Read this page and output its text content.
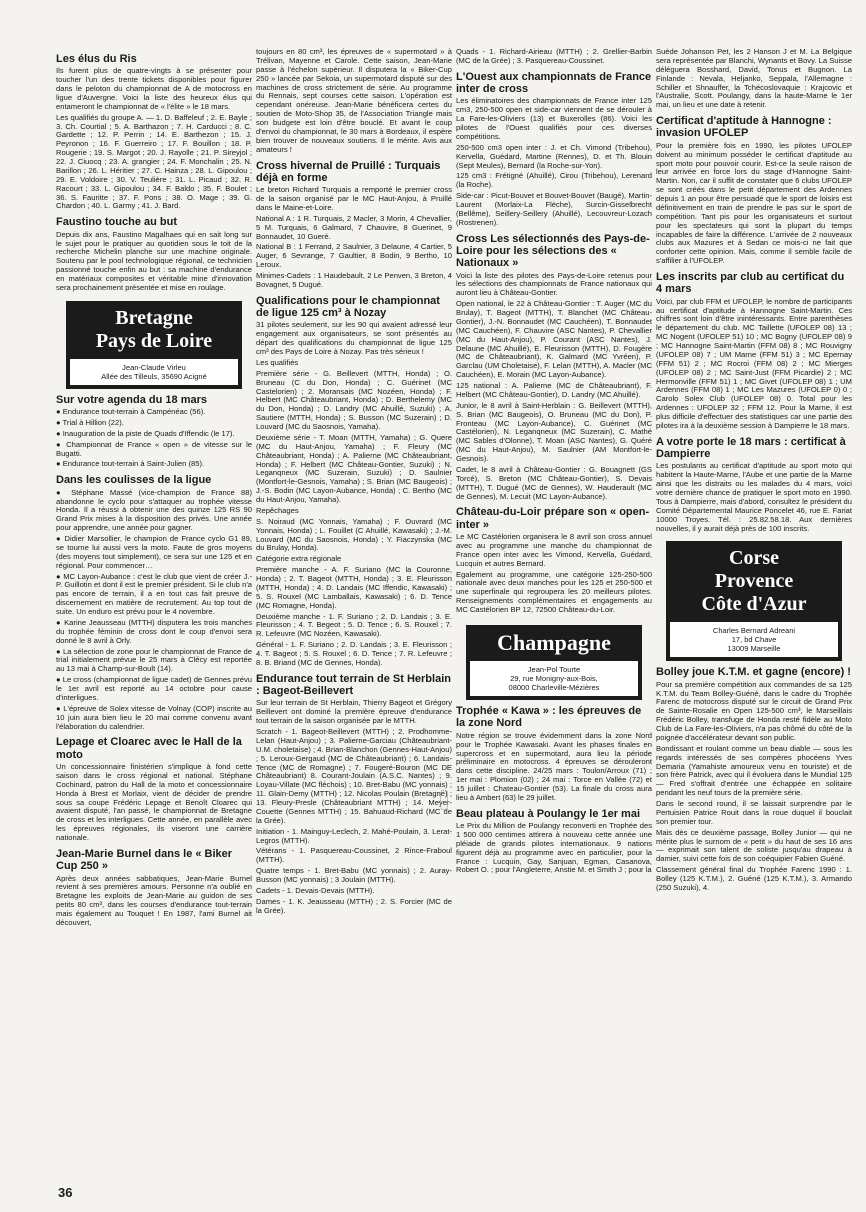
Les élus du Ris

Ils furent plus de quatre-vingts à se présenter pour toucher l'un des trente tickets disponibles pour figurer dans le peloton du championnat de A de motocross en ligue d'Auvergne. Voici la liste des heureux élus qui entameront le championnat de « l'élite » le 18 mars.

Les qualifiés du groupe A. — 1. D. Baffeleuf ; 2. E. Bayle ; 3. Ch. Courtial ; 5. A. Barthazon ; 7. H. Carducci ; 8. C. Gardette ; 12. P. Perrin ; 14. E. Barthezon ; 15. J. Peyronon ; 16. F. Guerreiro ; 17. F. Bouillon ; 18. P. Rougerie ; 19. S. Margot ; 20. J. Rayolle ; 21. P. Sireyjol ; 22. J. Ciuocq ; 23. A. grangier ; 24. F. Monchalin ; 25. N. Barillon ; 26. L. Héritier ; 27. C. Hainza ; 28. L. Gipoulou ; 29. E. Voldoire ; 30. V. Teulière ; 31. L. Picaud ; 32. R. Racourt ; 33. L. Gipoulou ; 34. F. Baldo ; 35. F. Boulet ; 36. S. Fauritte ; 37. F. Pons ; 38. O. Mage ; 39. G. Chardon ; 40. L. Garmy ; 41. J. Bard.

Faustino touche au but

Depuis dix ans, Faustino Magalhaes qui en sait long sur le sujet pour le pratiquer au quotidien sous le toit de la recherche Michelin planche sur une machine originale. Soutenu par le pool technologique régional, ce technicien passionné touche enfin au but : sa machine d'endurance en matériaux composites et véritable mine d'innovation sera prochainement présentée et mise en roulage.

Bretagne
Pays de Loire
Jean-Claude Virleu
Allée des Tilleuls, 35690 Acigné
Sur votre agenda du 18 mars

● Endurance tout-terrain à Campénéac (56).

● Trial à Hillion (22).

● Inauguration de la piste de Quads d'Iffendic (le 17).

● Championnat de France « open » de vitesse sur le Bugatti.

● Endurance tout-terrain à Saint-Julien (85).

Dans les coulisses de la ligue

● Stéphane Massé (vice-champion de France 88) abandonne le cyclo pour s'attaquer au trophée vitesse Honda. Il a réussi à obtenir une des quinze 125 RS 90 Grand Prix mises à la disposition des privés. Une année pour apprendre, une année pour gagner.

● Didier Marsollier, le champion de France cyclo G1 89, se tourne lui aussi vers la moto. Faute de gros moyens (des moyens tout simplement), ce sera sur une 125 et en régional. Pour commencer…

● MC Layon-Aubance : c'est le club que vient de créer J.-P. Guillotin et dont il est le premier président. Si le club n'a pas encore de terrain, il a en tout cas fait preuve de discernement en matière de recrutement. Au top tout de suite. Un enduro est prévu pour le 4 novembre.

● Karine Jeausseau (MTTH) disputera les trois manches du trophée féminin de cross dont le coup d'envoi sera donné le 8 avril à Orly.

● La sélection de zone pour le championnat de France de trial initialement prévue le 25 mars à Clécy est reportée au 13 mai à Champ-sur-Boult (14).

● Le cross (championnat de ligue cadet) de Gennes prévu le 1er avril est reporté au 14 octobre pour cause d'interligues.

● L'épreuve de Solex vitesse de Volnay (COP) inscrite au 10 juin aura bien lieu le 20 mai comme convenu avant l'élaboration du calendrier.

Lepage et Cloarec avec le Hall de la moto

Un concessionnaire finistérien s'implique à fond cette saison dans le cross régional et national. Stéphane Cochinard, patron du Hall de la moto et concessionnaire Honda à Brest et Morlaix, vient de décider de prendre sous sa coupe Frédéric Lepage et Benoît Cloarec qui avaient disputé, l'an passé, le championnat de Bretagne de cross et les interligues. Cette année, en parallèle avec les épreuves régionales, ils viseront une carrière nationale.

Jean-Marie Burnel dans le « Biker Cup 250 »

Après deux années sabbatiques, Jean-Marie Burnel revient à ses premières amours. Personne n'a oublié en Bretagne les exploits de Jean-Marie au guidon de ses petits 80 cm³, dans les courses d'endurance tout-terrain mais également au Touquet ! En 1987, l'ami Burnel ait découvert,

toujours en 80 cm³, les épreuves de « supermotard » à Trélivan, Mayenne et Carole. Cette saison, Jean-Marie passe à l'échelon supérieur. Il disputera la « Biker-Cup 250 » lancée par Sekoia, un supermotard disputé sur des machines de cross strictement de série. Au programme du Rennais, sept courses cette saison. L'opération est cependant onéreuse. Jean-Marie bénéficera certes du soutien de Moto-Shop 35, de l'Association Triangle mais son budgete est loin d'être bouclé. Et avant le coup d'envoi du championnat, le 30 mars à Bordeaux, il espère bien trouver de nouveaux soutiens. Il le mérite. Avis aux amateurs !

Cross hivernal de Pruillé : Turquais déjà en forme

Le breton Richard Turquais a remporté le premier cross de la saison organisé par le MC Haut-Anjou, à Pruillé dans le Maine-et-Loire.

National A : 1 R. Turquais, 2 Macler, 3 Morin, 4 Chevallier, 5 M. Turquais, 6 Galmard, 7 Chauvire, 8 Guerinet, 9 Bonnaudet, 10 Gueré.

National B : 1 Ferrand, 2 Saulnier, 3 Delaune, 4 Cartier, 5 Auger, 6 Sevrange, 7 Gaultier, 8 Bodin, 9 Bertho, 10 Leroux.

Minimes-Cadets : 1 Haudebault, 2 Le Penven, 3 Breton, 4 Bovagnet, 5 Dugué.

Qualifications pour le championnat de ligue 125 cm³ à Nozay

31 pilotes seulement, sur les 90 qui avaient adressé leur engagement aux organisateurs, se sont présentés au départ des qualifications du championnat de ligue 125 cm³ des Pays de Loire à Nozay. Pas très sérieux !

Les qualifiés

Première série - G. Beillevert (MTTH, Honda) ; O. Bruneau (C du Don, Honda) ; C. Guérinet (MC Castelorien) ; 2. Moransais (MC Nozéen, Honda) ; F. Helbert (MC Châteaubriant, Honda) ; D. Berthelemy (MC du Don, Honda) ; D. Landry (MC Ahuillé, Suzuki) ; A. Sautiere (MTTH, Honda) ; S. Busson (MC Suzerain) ; D. Louvard (MC du Saosnois, Yamaha).

Deuxième série - T. Moan (MTTH, Yamaha) ; G. Quere (MC du Haut-Anjou, Yamaha) ; F. Fleury (MC Châteaubriant, Honda) ; A. Palierne (MC Châteaubriant, Honda) ; F. Helbert (MC Château-Gontier, Suzuki) ; N. Leganqneux (MC Suzerain, Suzuki) ; D. Saulnier (Montfort-le-Gesnois, Yamaha) ; S. Brian (MC Baugeois) ; J.-S. Bodin (MC Layon-Aubance, Honda) ; C. Bertho (MC du Haut-Anjou, Yamaha).

Repêchages

S. Noiraud (MC Yonnais, Yamaha) ; F. Ouvrard (MC Yonnais, Honda) ; L. Fouillet (C Ahuillé, Kawasaki) ; J.-M. Louvard (MC du Saosnois, Honda) ; Y. Fiaczynska (MC du Brulay, Honda).

Catégorie extra régionale

Première manche - A. F. Suriano (MC la Couronne, Honda) ; 2. T. Bageot (MTTH, Honda) ; 3. E. Fleurisson (MTTH, Honda) ; 4. D. Landais (MC Iffendic, Kawasaki) ; 5. S. Rouxel (MC Lamballais, Kawasaki) ; 6. D. Tence (MC Romagne, Honda).

Deuxième manche - 1. F. Suriano ; 2. D. Landais ; 3. E. Fleurisson ; 4. T. Begeot ; 5. D. Tence ; 6. S. Rouxel ; 7. R. Lefeuvre (MC Nozéen, Kawasaki).

Général - 1. F. Suriano ; 2. D. Landais ; 3. E. Fleurisson ; 4. T. Bageot ; 5. S. Rouxel ; 6. D. Tence ; 7. R. Lefeuvre ; 8. B. Briand (MC de Gennes, Honda).

Endurance tout terrain de St Herblain : Bageot-Beillevert

Sur leur terrain de St Herblain, Thierry Bageot et Grégory Beillevert ont dominé la première épreuve d'endurance tout terrain de la saison organisée par le MTTH.

Scratch - 1. Bageot-Beillevert (MTTH) ; 2. Prodhomme-Lelan (Haut-Anjou) ; 3. Palierne-Garciau (Châteaubriant-U.M. choletaise) ; 4. Brian-Blanchon (Gennes-Haut-Anjou) ; 5. Leroux-Gergaud (MC de Châteaubriant) ; 6. Landais-Tence (MC de Romagne) ; 7. Fougeré-Bouron (MC DE Châteaubriant) 8. Courant-Joulain (A.S.C. Nantes) ; 9. Loyau-Villate (MC fléchois) ; 10. Bret-Babu (MC yonnais) ; 11. Glain-Demy (MTTH) ; 12. Nicolas Poulain (Bretagne) ; 13. Fleury-Presle (Châteaubriant MTTH) ; 14. Meyer-Couette (Gennes MTTH) ; 15. Bahuaud-Richard (MC de la Grée).

Initiation - 1. Mainguy-Leclech, 2. Mahé-Poulain, 3. Lerat-Legros (MTTH).

Vétérans - 1. Pasquereau-Coussinet, 2 Rince-Fraboul (MTTH).

Quatre temps - 1. Bret-Babu (MC yonnais) ; 2. Auray-Busson (MC yonnais) ; 3 Joulain (MTTH).

Cadets - 1. Devais-Devais (MTTH).

Dames - 1. K. Jeausseau (MTTH) ; 2. S. Forcier (MC de la Grée).

Quads - 1. Richard-Airieau (MTTH) ; 2. Grellier-Barbin (MC de la Grée) ; 3. Pasquereau-Coussinet.

L'Ouest aux championnats de France inter de cross

Les éliminatoires des championnats de France inter 125 cm3, 250-500 open et side-car viennent de se dérouler à La Fare-les-Oliviers (13) et Buxerolles (86). Voici les pilotes de l'Ouest qualifiés pour ces diverses compétitions.

250-500 cm3 open inter : J. et Ch. Vimond (Tribehou), Kervella, Guédard, Martine (Rennes), D. et Th. Blouin (Sept Meules), Bernard (la Roche-sur-Yon).

125 cm3 : Frétigné (Ahuillé), Cirou (Tribehou), Lerenard (la Roche).

Side-car : Picut-Bouvet et Bouvet-Bouvet (Baugé), Martin-Laurent (Morlaix-La Flèche), Surcin-Gisselbrecht (Bellême), Seillery-Seillery (Ahuillé), Lecouvreur-Lozach (Rostrenen).

Cross Les sélectionnés des Pays-de-Loire pour les sélections des « Nationaux »

Voici la liste des pilotes des Pays-de-Loire retenus pour les sélections des championnats de France nationaux qui auront lieu à Château-Gontier.

Open national, le 22 à Château-Gontier : T. Auger (MC du Brulay), T. Bageot (MTTH), T. Blanchet (MC Château-Gontier), J.-N. Bonnaudet (MC Cauchéen), T. Bonnaudet (MC Cauchéen), F. Chauvire (ASC Nantes), P. Chevallier (MC du Haut-Anjou), P. Courant (ASC Nantes), J. Delaune (MC Ahuillé), E. Fleurisson (MTTH), D. Fougère (MC de Châteaubriant), K. Galmard (MC Yvréen), P. Garclau (UM Choletaise), F. Lelan (MTTH), A. Macler (MC Cauchéen), E. Morain (MC Layon-Aubance).

125 national : A. Palierne (MC de Châteaubriant), F. Helbert (MC Château-Gontier), D. Landry (MC Ahuillé).

Junior, le 8 avril à Saint-Herblain : G. Beillevert (MTTH), S. Brian (MC Baugeois), O. Bruneau (MC du Don), P. Fronteau (MC Layon-Aubance), C. Guérinet (MC Castélorien), N. Leganqneux (MC Suzerain), C. Mathé (MC Sables d'Olonne), T. Moan (ASC Nantes), G. Quéré (MC du Haut-Anjou), M. Saulnier (AM Montfort-le-Gesnois).

Cadet, le 8 avril à Château-Gontier : G. Bouagnett (GS Torcé), S. Breton (MC Château-Gontier), S. Devais (MTTH), T. Dugué (MC de Gennes), W. Hauderault (MC de Gennes), M. Lecuit (MC Layon-Aubance).

Château-du-Loir prépare son « open-inter »

Le MC Castélorien organisera le 8 avril son cross annuel avec au programme une manche du championnat de France open inter avec les Vimond, Kervella, Guédard, Lucquin et autres Bernard.

Egalement au programme, une catégorie 125-250-500 nationale avec deux manches pour les 125 et 250-500 et une superfinale qui regroupera les 20 meilleurs pilotes. Renseignements complémentaires et engagements au MC Castélorien BP 12, 72500 Château-du-Loir.

Champagne
Jean-Pol Tourte
29, rue Monigny-aux-Bois,
08000 Charleville-Mézières
Trophée « Kawa » : les épreuves de la zone Nord

Notre région se trouve évidemment dans la zone Nord pour le Trophée Kawasaki. Avant les phases finales en supercross et en supermotard, aura lieu la période préliminaire en motocross. 4 épreuves se dérouleront dans cette discipline. 24/25 mars : Toulon/Arroux (71) ; 1er mai : Plomion (02) ; 24 mai : Torce en Vallée (72) et 15 juillet : Chateau-Gontier (53). La finale du cross aura lieu à Ambert (63) le 29 juillet.

Beau plateau à Poulangy le 1er mai

Le Prix du Million de Poulangy reconverti en Trophée des 1 500 000 centimes attirera à nouveau cette année une pléiade de grands pilotes internationaux. 9 nations figurent déjà au programme avec en particulier, pour la France : Lucquin, Gay, Sanjuan, Egman, Casanova, Robert O. ; pour l'Angleterre, Anstie M. et Smith J ; pour la

Suède Johanson Pet, les 2 Hanson J et M. La Belgique sera représentée par Blanchi, Wynants et Bovy. La Suisse déléguera Bosshard, David, Tonus et Bugnon. La Finlande : Nevala, Heljanko, Seppala, l'Allemagne : Schiller et Shnauffer, la Tchécoslovaquie : Krajcovic et l'Australie, Scott. Poulangy, dans la haute-Marne le 1er mai, un lieu et une date à retenir.

Certificat d'aptitude à Hannogne : invasion UFOLEP

Pour la première fois en 1990, les pilotes UFOLEP doivent au minimum posséder le certificat d'aptitude au sport moto pour pouvoir courir. Est-ce la seule raison de leur arrivée en force lors du stage d'Hannogne Saint-Martin. Non, car il suffit de constater que 6 clubs UFOLEP se sont créés dans le petit département des Ardennes depuis 1 an pour être persuadé que le sport de loisirs est définitivement en train de prendre le pas sur le sport de compétition. Tant pis pour les organisateurs et surtout pour les spectateurs qui sont la plupart du temps incapables de faire la différence. L'arrivée de 2 nouveaux clubs aux Mazures et à Sedan ce mois-ci ne fait que conforter cette opinion. Mais, comme il semble facile de s'affilier à l'UFOLEP.

Les inscrits par club au certificat du 4 mars

Voici, par club FFM et UFOLEP, le nombre de participants au certificat d'aptitude à Hannogne Saint-Martin. Ces chiffres sont loin d'être inintéressants. Entre parenthèses le département du club. MC Taillette (UFOLEP 08) 13 ; MC Nogent (UFOLEP 51) 10 ; MC Bogny (UFOLEP 08) 9 ; MC Hannogne Saint-Martin (FFM 08) 8 ; MC Rouvigny (UFOLEP 08) 7 ; UM Marne (FFM 51) 3 ; MC Epernay (FFM 51) 2 ; MC Rocroi (FFM 08) 2 ; MC Mierges (UFOLEP 08) 2 ; MC Saint-Just (FFM Picardie) 2 ; MC Hermonville (FFM 51) 1 ; MC Givet (UFOLEP 08) 1 ; UM Ardennes (FFM 08) 1 ; MC Les Mazures (UFOLEP 0) 0 ; Carolo Solex Club (UFOLEP 08) 0. Total pour les Ardennes : UFOLEP 32 ; FFM 12. Pour la Marne, il est plus difficile d'effectuer des statistiques car une partie des pilotes ira à la deuxième session à Dampierre le 18 mars.

A votre porte le 18 mars : certificat à Dampierre

Les postulants au certificat d'aptitude au sport moto qui habitent la Haute-Marne, l'Aube et une partie de la Marne ainsi que les distraits ou les malades du 4 mars, voici votre dernière chance de pratiquer le sport moto en 1990. Tous à Dampierre, mais d'abord, consultez le président du Comité Départemental Maurice Poncelet 46, rue E. Fariat 10000 Troyes. Tél. : 25.82.58.18. Aux dernières nouvelles, il y aurait déjà près de 100 inscrits.

Corse
Provence
Côte d'Azur
Charles Bernard Adreani
17, bd Chave
13009 Marseille
Bolley joue K.T.M. et gagne (encore) !

Pour sa première compétition aux commandes de sa 125 K.T.M. du Team Bolley-Guéné, dans le cadre du Trophée Farenc de motocross disputé sur le circuit de Grand Prix de Sainte-Rosalie en Open 125-500 cm³, le Marseillais Frédéric Bolley, transfuge de Honda resté fidèle au Moto Club de La Fare-les-Oliviers, n'a pas chômé du côté de la poignée d'accélérateur devant son public.

Bondissant et roulant comme un beau diable — sous les regards intéressés de ses compères phocéens Yves Demaria (Yamahiste amoureux venu en touriste) et de son frère Patrick, avec qui il évoluera dans le Mundial 125 — Fred s'offrait d'entrée une échappée en solitaire pendant les neuf tours de la première série.

Dans le second round, il se laissait surprendre par le Pertuisien Patrice Rouit dans la roue duquel il bouclait son premier tour.

Mais dès ce deuxième passage, Bolley Junior — qui ne mérite plus le surnom de « petit » du haut de ses 16 ans — exprimait son talent de soliste jusqu'au drapeau à damier, suivi cette fois de son coéquipier Fabien Guéné.

Classement général final du Trophée Farenc 1990 : 1. Bolley (125 K.T.M.), 2. Guéné (125 K.T.M.), 3. Armando (250 Suzuki), 4.

36
